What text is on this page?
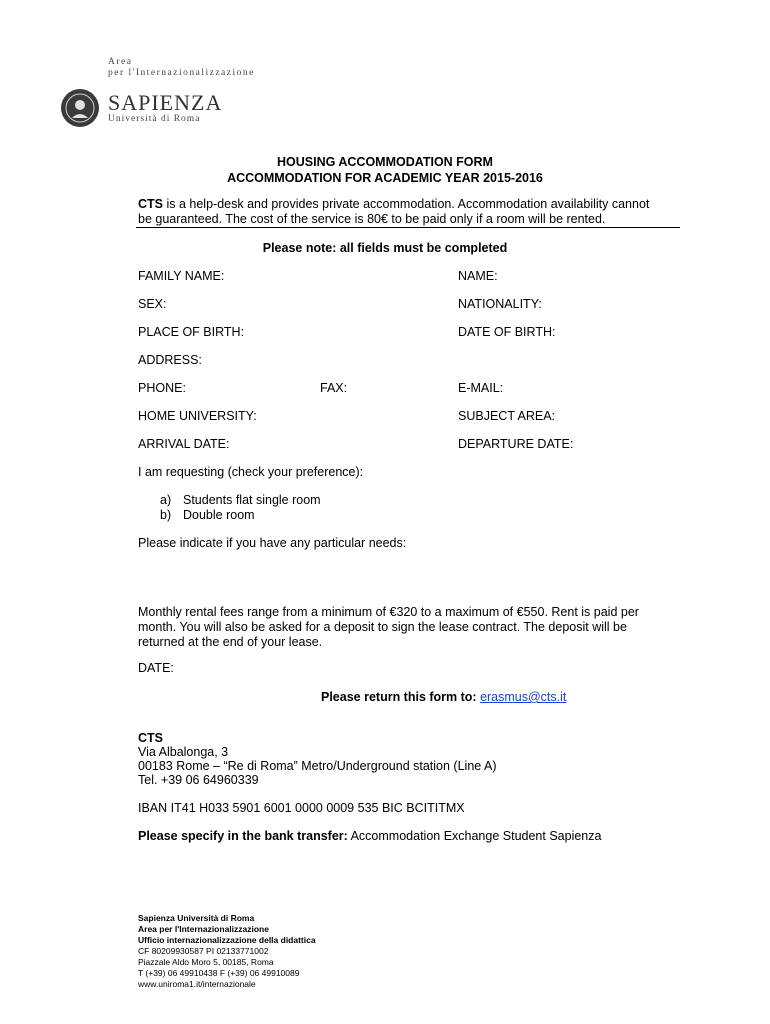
Area
per l'Internazionalizzazione
SAPIENZA
Università di Roma
HOUSING ACCOMMODATION FORM
ACCOMMODATION FOR ACADEMIC YEAR 2015-2016
CTS is a help-desk and provides private accommodation. Accommodation availability cannot be guaranteed. The cost of the service is 80€ to be paid only if a room will be rented.
Please note: all fields must be completed
FAMILY NAME:	NAME:
SEX:	NATIONALITY:
PLACE OF BIRTH:	DATE OF BIRTH:
ADDRESS:
PHONE:	FAX:	E-MAIL:
HOME UNIVERSITY:	SUBJECT AREA:
ARRIVAL DATE:	DEPARTURE DATE:
I am requesting (check your preference):
a) Students flat single room
b) Double room
Please indicate if you have any particular needs:
Monthly rental fees range from a minimum of €320 to a maximum of €550. Rent is paid per month. You will also be asked for a deposit to sign the lease contract. The deposit will be returned at the end of your lease.
DATE:
Please return this form to: erasmus@cts.it
CTS
Via Albalonga, 3
00183 Rome – “Re di Roma” Metro/Underground station (Line A)
Tel. +39 06 64960339
IBAN IT41 H033 5901 6001 0000 0009 535 BIC BCITITMX
Please specify in the bank transfer: Accommodation Exchange Student Sapienza
Sapienza Università di Roma
Area per l'Internazionalizzazione
Ufficio internazionalizzazione della didattica
CF 80209930587 PI 02133771002
Piazzale Aldo Moro 5, 00185, Roma
T (+39) 06 49910438 F (+39) 06 49910089
www.uniroma1.it/internazionale
